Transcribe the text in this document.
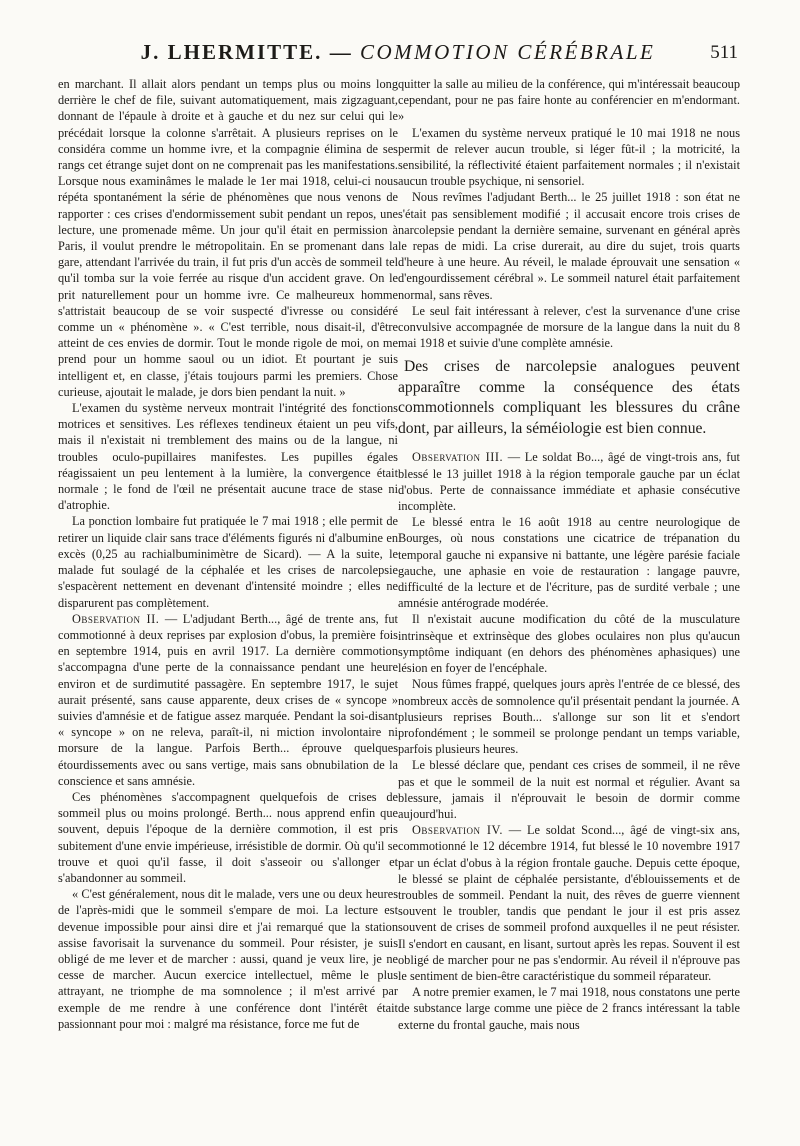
J. LHERMITTE. — COMMOTION CÉRÉBRALE	511

en marchant. Il allait alors pendant un temps plus ou moins long derrière le chef de file, suivant automatiquement, mais zigzaguant, donnant de l'épaule à droite et à gauche et du nez sur celui qui le précédait lorsque la colonne s'arrêtait. A plusieurs reprises on le considéra comme un homme ivre, et la compagnie élimina de ses rangs cet étrange sujet dont on ne comprenait pas les manifestations. Lorsque nous examinâmes le malade le 1er mai 1918, celui-ci nous répéta spontanément la série de phénomènes que nous venons de rapporter : ces crises d'endormissement subit pendant un repos, une lecture, une promenade même. Un jour qu'il était en permission à Paris, il voulut prendre le métropolitain. En se promenant dans la gare, attendant l'arrivée du train, il fut pris d'un accès de sommeil tel qu'il tomba sur la voie ferrée au risque d'un accident grave. On le prit naturellement pour un homme ivre. Ce malheureux homme s'attristait beaucoup de se voir suspecté d'ivresse ou considéré comme un « phénomène ». « C'est terrible, nous disait-il, d'être atteint de ces envies de dormir. Tout le monde rigole de moi, on me prend pour un homme saoul ou un idiot. Et pourtant je suis intelligent et, en classe, j'étais toujours parmi les premiers. Chose curieuse, ajoutait le malade, je dors bien pendant la nuit. »

L'examen du système nerveux montrait l'intégrité des fonctions motrices et sensitives. Les réflexes tendineux étaient un peu vifs, mais il n'existait ni tremblement des mains ou de la langue, ni troubles oculo-pupillaires manifestes. Les pupilles égales réagissaient un peu lentement à la lumière, la convergence était normale ; le fond de l'œil ne présentait aucune trace de stase ni d'atrophie.

La ponction lombaire fut pratiquée le 7 mai 1918 ; elle permit de retirer un liquide clair sans trace d'éléments figurés ni d'albumine en excès (0,25 au rachialbuminimètre de Sicard). — A la suite, le malade fut soulagé de la céphalée et les crises de narcolepsie s'espacèrent nettement en devenant d'intensité moindre ; elles ne disparurent pas complètement.

Observation II. — L'adjudant Berth..., âgé de trente ans, fut commotionné à deux reprises par explosion d'obus, la première fois en septembre 1914, puis en avril 1917. La dernière commotion s'accompagna d'une perte de la connaissance pendant une heure environ et de surdimutité passagère. En septembre 1917, le sujet aurait présenté, sans cause apparente, deux crises de « syncope » suivies d'amnésie et de fatigue assez marquée. Pendant la soi-disant « syncope » on ne releva, paraît-il, ni miction involontaire ni morsure de la langue. Parfois Berth... éprouve quelques étourdissements avec ou sans vertige, mais sans obnubilation de la conscience et sans amnésie.

Ces phénomènes s'accompagnent quelquefois de crises de sommeil plus ou moins prolongé. Berth... nous apprend enfin que souvent, depuis l'époque de la dernière commotion, il est pris subitement d'une envie impérieuse, irrésistible de dormir. Où qu'il se trouve et quoi qu'il fasse, il doit s'asseoir ou s'allonger et s'abandonner au sommeil.

« C'est généralement, nous dit le malade, vers une ou deux heures de l'après-midi que le sommeil s'empare de moi. La lecture est devenue impossible pour ainsi dire et j'ai remarqué que la station assise favorisait la survenance du sommeil. Pour résister, je suis obligé de me lever et de marcher : aussi, quand je veux lire, je ne cesse de marcher. Aucun exercice intellectuel, même le plus attrayant, ne triomphe de ma somnolence ; il m'est arrivé par exemple de me rendre à une conférence dont l'intérêt était passionnant pour moi : malgré ma résistance, force me fut de

quitter la salle au milieu de la conférence, qui m'intéressait beaucoup cependant, pour ne pas faire honte au conférencier en m'endormant. »

L'examen du système nerveux pratiqué le 10 mai 1918 ne nous permit de relever aucun trouble, si léger fût-il ; la motricité, la sensibilité, la réflectivité étaient parfaitement normales ; il n'existait aucun trouble psychique, ni sensoriel.

Nous revîmes l'adjudant Berth... le 25 juillet 1918 : son état ne s'était pas sensiblement modifié ; il accusait encore trois crises de narcolepsie pendant la dernière semaine, survenant en général après le repas de midi. La crise durerait, au dire du sujet, trois quarts d'heure à une heure. Au réveil, le malade éprouvait une sensation « d'engourdissement cérébral ». Le sommeil naturel était parfaitement normal, sans rêves.

Le seul fait intéressant à relever, c'est la survenance d'une crise convulsive accompagnée de morsure de la langue dans la nuit du 8 mai 1918 et suivie d'une complète amnésie.

Des crises de narcolepsie analogues peuvent apparaître comme la conséquence des états commotionnels compliquant les blessures du crâne dont, par ailleurs, la séméiologie est bien connue.

Observation III. — Le soldat Bo..., âgé de vingt-trois ans, fut blessé le 13 juillet 1918 à la région temporale gauche par un éclat d'obus. Perte de connaissance immédiate et aphasie consécutive incomplète.

Le blessé entra le 16 août 1918 au centre neurologique de Bourges, où nous constations une cicatrice de trépanation du temporal gauche ni expansive ni battante, une légère parésie faciale gauche, une aphasie en voie de restauration : langage pauvre, difficulté de la lecture et de l'écriture, pas de surdité verbale ; une amnésie antérograde modérée.

Il n'existait aucune modification du côté de la musculature intrinsèque et extrinsèque des globes oculaires non plus qu'aucun symptôme indiquant (en dehors des phénomènes aphasiques) une lésion en foyer de l'encéphale.

Nous fûmes frappé, quelques jours après l'entrée de ce blessé, des nombreux accès de somnolence qu'il présentait pendant la journée. A plusieurs reprises Bouth... s'allonge sur son lit et s'endort profondément ; le sommeil se prolonge pendant un temps variable, parfois plusieurs heures.

Le blessé déclare que, pendant ces crises de sommeil, il ne rêve pas et que le sommeil de la nuit est normal et régulier. Avant sa blessure, jamais il n'éprouvait le besoin de dormir comme aujourd'hui.

Observation IV. — Le soldat Scond..., âgé de vingt-six ans, commotionné le 12 décembre 1914, fut blessé le 10 novembre 1917 par un éclat d'obus à la région frontale gauche. Depuis cette époque, le blessé se plaint de céphalée persistante, d'éblouissements et de troubles de sommeil. Pendant la nuit, des rêves de guerre viennent souvent le troubler, tandis que pendant le jour il est pris assez souvent de crises de sommeil profond auxquelles il ne peut résister. Il s'endort en causant, en lisant, surtout après les repas. Souvent il est obligé de marcher pour ne pas s'endormir. Au réveil il n'éprouve pas le sentiment de bien-être caractéristique du sommeil réparateur.

A notre premier examen, le 7 mai 1918, nous constatons une perte de substance large comme une pièce de 2 francs intéressant la table externe du frontal gauche, mais nous
